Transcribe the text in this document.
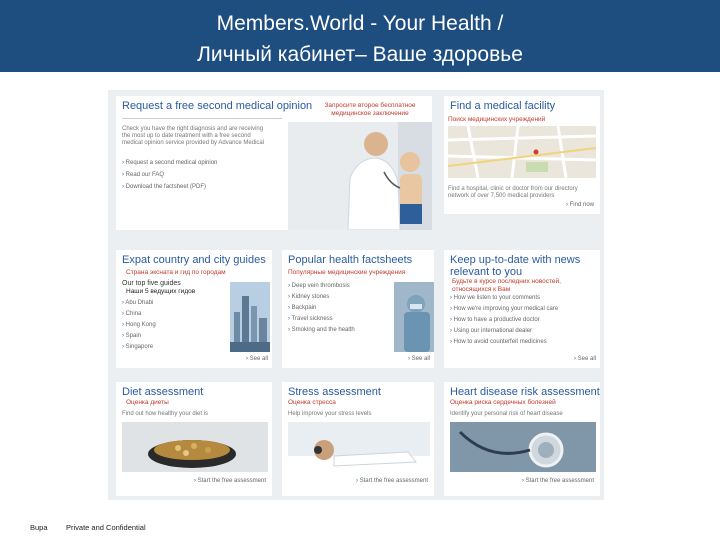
Members.World - Your Health /
Личный кабинет– Ваше здоровье
Request a free second medical opinion	Запросите второе бесплатное медицинское заключение
Check you have the right diagnosis and are receiving
the most up to date treatment with a free second
medical opinion service provided by Advance Medical
› Request a second medical opinion
› Read our FAQ
› Download the factsheet (PDF)
Find a medical facility
Поиск медицинских учреждений
Find a hospital, clinic or doctor from our directory
network of over 7,500 medical providers
› Find now
Expat country and city guides
Страна эксната и гид по городам
Our top five guides
Наши 5 ведущих гидов
› Abu Dhabi
› China
› Hong Kong
› Spain
› Singapore
› See all
Popular health factsheets
Популярные медицинские учреждения
› Deep vein thrombosis
› Kidney stones
› Backpain
› Travel sickness
› Smoking and the health
› See all
Keep up-to-date with news
relevant to you
Будьте в курсе последних новостей, относящихся к Вам
› How we listen to your comments
› How we're improving your medical care
› How to have a productive doctor
› Using our international dealer
› How to avoid counterfeit medicines
› See all
Diet assessment
Оценка диеты
Find out how healthy your diet is
› Start the free assessment
Stress assessment
Оценка стресса
Help improve your stress levels
› Start the free assessment
Heart disease risk assessment
Оценка риска сердечных болезней
Identify your personal risk of heart disease
› Start the free assessment
Bupa Private and Confidential
